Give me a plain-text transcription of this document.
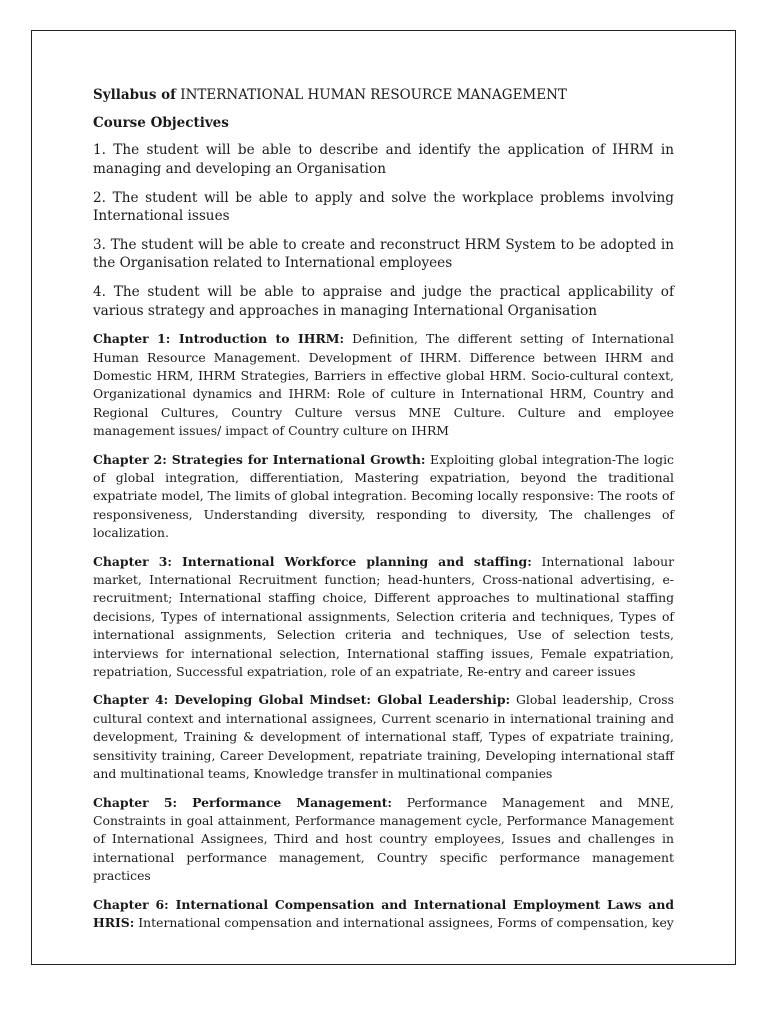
Syllabus of INTERNATIONAL HUMAN RESOURCE MANAGEMENT

Course Objectives

1. The student will be able to describe and identify the application of IHRM in managing and developing an Organisation

2. The student will be able to apply and solve the workplace problems involving International issues

3. The student will be able to create and reconstruct HRM System to be adopted in the Organisation related to International employees

4. The student will be able to appraise and judge the practical applicability of various strategy and approaches in managing International Organisation

Chapter 1: Introduction to IHRM: Definition, The different setting of International Human Resource Management. Development of IHRM. Difference between IHRM and Domestic HRM, IHRM Strategies, Barriers in effective global HRM. Socio-cultural context, Organizational dynamics and IHRM: Role of culture in International HRM, Country and Regional Cultures, Country Culture versus MNE Culture. Culture and employee management issues/ impact of Country culture on IHRM

Chapter 2: Strategies for International Growth: Exploiting global integration-The logic of global integration, differentiation, Mastering expatriation, beyond the traditional expatriate model, The limits of global integration. Becoming locally responsive: The roots of responsiveness, Understanding diversity, responding to diversity, The challenges of localization.

Chapter 3: International Workforce planning and staffing: International labour market, International Recruitment function; head-hunters, Cross-national advertising, e-recruitment; International staffing choice, Different approaches to multinational staffing decisions, Types of international assignments, Selection criteria and techniques, Types of international assignments, Selection criteria and techniques, Use of selection tests, interviews for international selection, International staffing issues, Female expatriation, repatriation, Successful expatriation, role of an expatriate, Re-entry and career issues

Chapter 4: Developing Global Mindset: Global Leadership: Global leadership, Cross cultural context and international assignees, Current scenario in international training and development, Training & development of international staff, Types of expatriate training, sensitivity training, Career Development, repatriate training, Developing international staff and multinational teams, Knowledge transfer in multinational companies

Chapter 5: Performance Management: Performance Management and MNE, Constraints in goal attainment, Performance management cycle, Performance Management of International Assignees, Third and host country employees, Issues and challenges in international performance management, Country specific performance management practices

Chapter 6: International Compensation and International Employment Laws and HRIS: International compensation and international assignees, Forms of compensation, key
